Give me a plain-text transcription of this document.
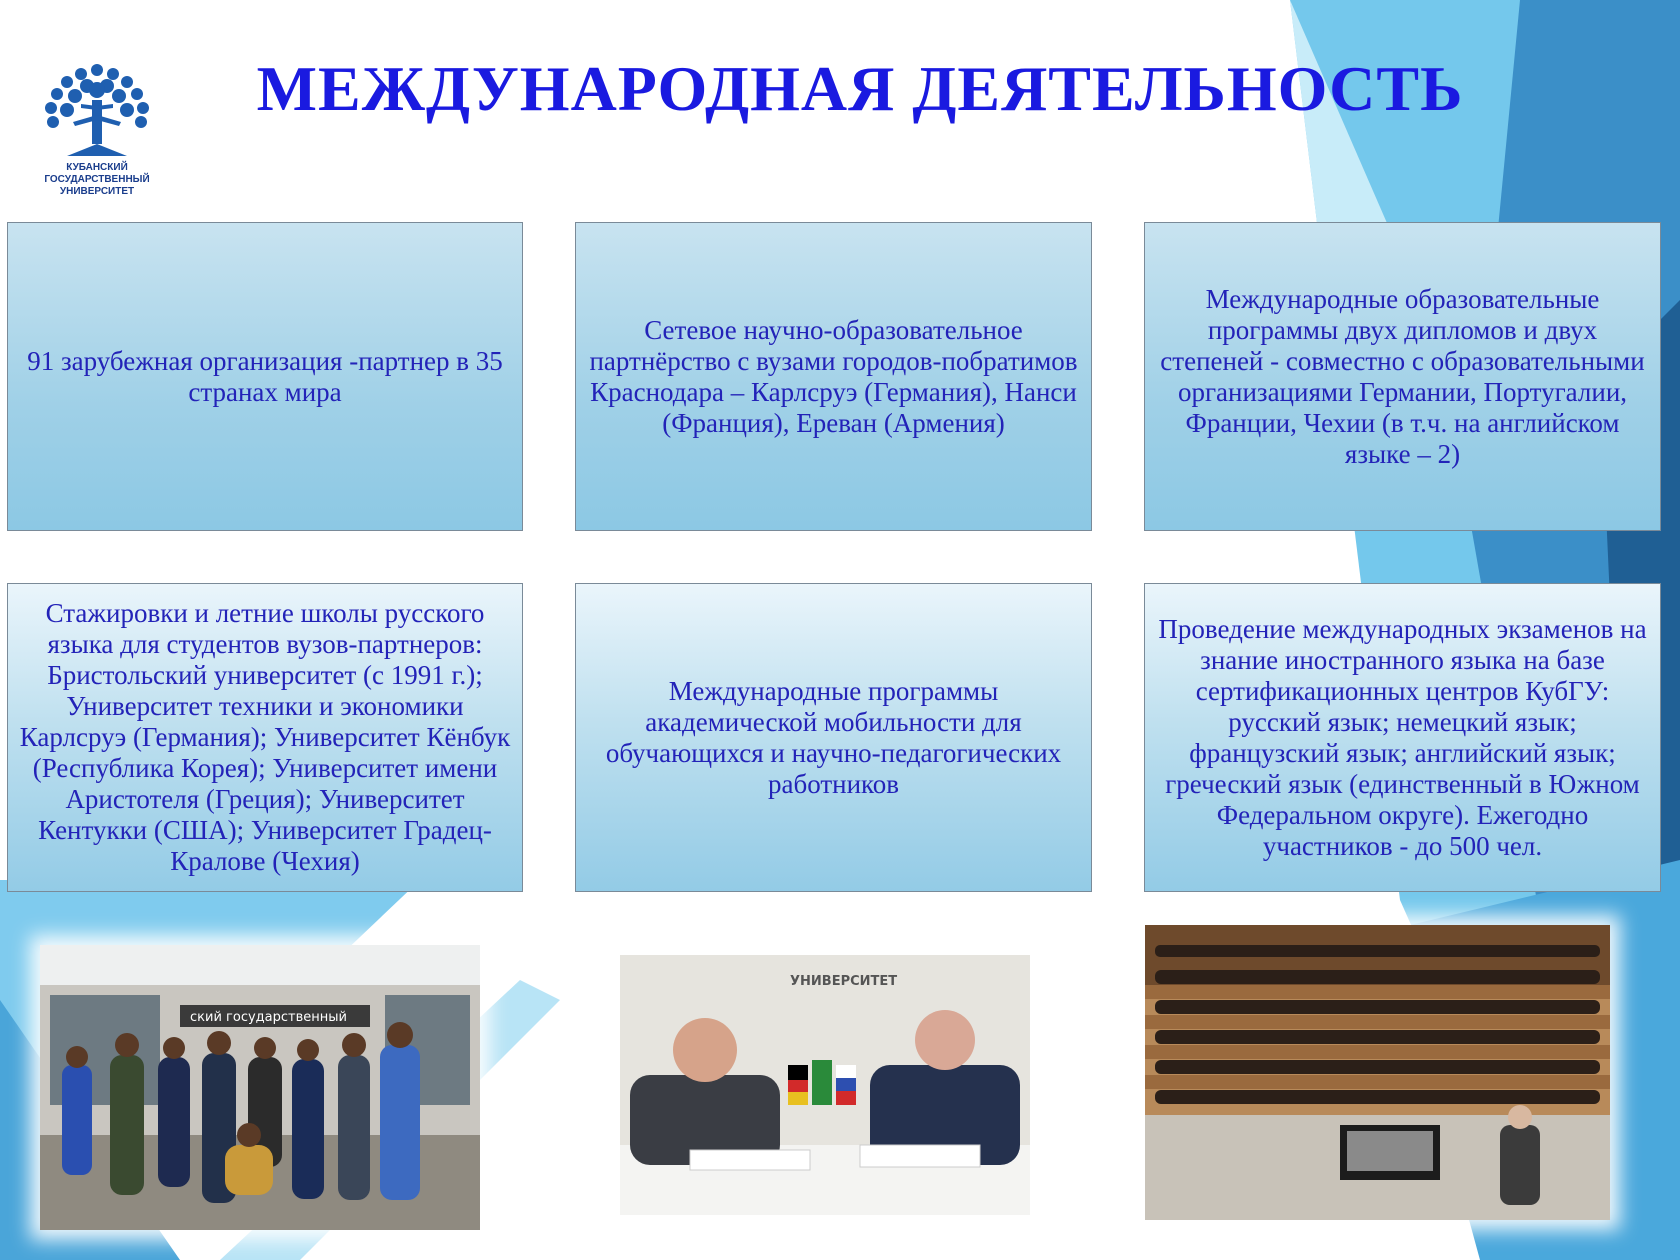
КУБАНСКИЙ
ГОСУДАРСТВЕННЫЙ
УНИВЕРСИТЕТ
МЕЖДУНАРОДНАЯ ДЕЯТЕЛЬНОСТЬ
91 зарубежная организация -партнер в 35 странах мира
Сетевое научно-образовательное партнёрство с вузами городов-побратимов Краснодара – Карлсруэ (Германия), Нанси (Франция), Ереван (Армения)
Международные образовательные программы двух дипломов и двух степеней - совместно с образовательными организациями Германии, Португалии, Франции, Чехии (в т.ч. на английском языке – 2)
Стажировки и летние школы русского языка для студентов вузов-партнеров: Бристольский университет (с 1991 г.); Университет техники и экономики Карлсруэ (Германия); Университет Кёнбук (Республика Корея); Университет имени Аристотеля (Греция); Университет Кентукки (США); Университет Градец-Кралове (Чехия)
Международные программы академической мобильности для обучающихся и научно-педагогических работников
Проведение международных экзаменов на знание иностранного языка на базе сертификационных центров КубГУ: русский язык; немецкий язык; французский язык; английский язык; греческий язык (единственный в Южном Федеральном округе). Ежегодно участников - до 500 чел.
ский государственный
УНИВЕРСИТЕТ
